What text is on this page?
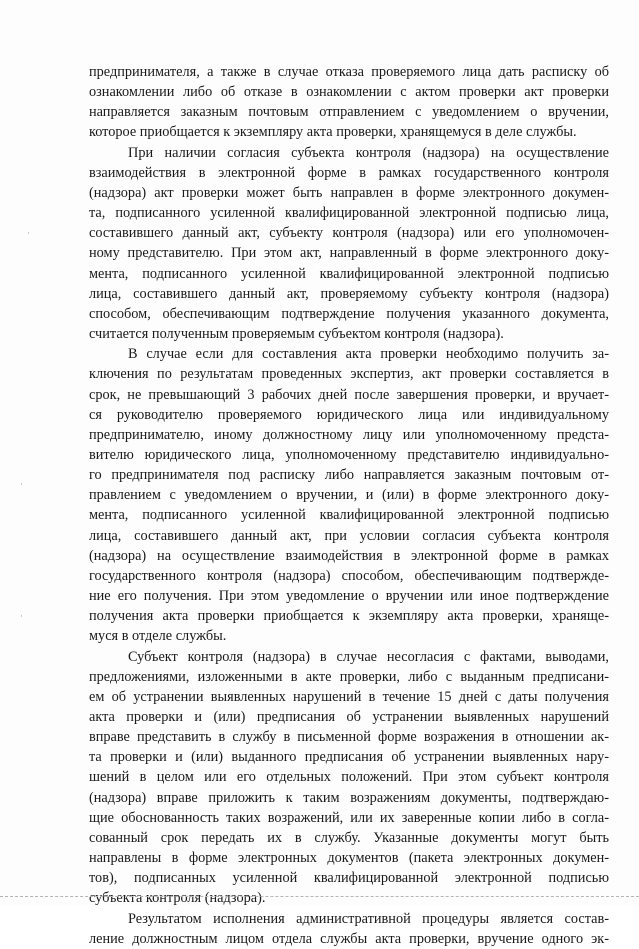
предпринимателя, а также в случае отказа проверяемого лица дать расписку об
ознакомлении либо об отказе в ознакомлении с актом проверки акт проверки
направляется заказным почтовым отправлением с уведомлением о вручении,
которое приобщается к экземпляру акта проверки, хранящемуся в деле службы.
При наличии согласия субъекта контроля (надзора) на осуществление
взаимодействия в электронной форме в рамках государственного контроля
(надзора) акт проверки может быть направлен в форме электронного докумен-
та, подписанного усиленной квалифицированной электронной подписью лица,
составившего данный акт, субъекту контроля (надзора) или его уполномочен-
ному представителю. При этом акт, направленный в форме электронного доку-
мента, подписанного усиленной квалифицированной электронной подписью
лица, составившего данный акт, проверяемому субъекту контроля (надзора)
способом, обеспечивающим подтверждение получения указанного документа,
считается полученным проверяемым субъектом контроля (надзора).
В случае если для составления акта проверки необходимо получить за-
ключения по результатам проведенных экспертиз, акт проверки составляется в
срок, не превышающий 3 рабочих дней после завершения проверки, и вручает-
ся руководителю проверяемого юридического лица или индивидуальному
предпринимателю, иному должностному лицу или уполномоченному предста-
вителю юридического лица, уполномоченному представителю индивидуально-
го предпринимателя под расписку либо направляется заказным почтовым от-
правлением с уведомлением о вручении, и (или) в форме электронного доку-
мента, подписанного усиленной квалифицированной электронной подписью
лица, составившего данный акт, при условии согласия субъекта контроля
(надзора) на осуществление взаимодействия в электронной форме в рамках
государственного контроля (надзора) способом, обеспечивающим подтвержде-
ние его получения. При этом уведомление о вручении или иное подтверждение
получения акта проверки приобщается к экземпляру акта проверки, храняще-
муся в отделе службы.
Субъект контроля (надзора) в случае несогласия с фактами, выводами,
предложениями, изложенными в акте проверки, либо с выданным предписани-
ем об устранении выявленных нарушений в течение 15 дней с даты получения
акта проверки и (или) предписания об устранении выявленных нарушений
вправе представить в службу в письменной форме возражения в отношении ак-
та проверки и (или) выданного предписания об устранении выявленных нару-
шений в целом или его отдельных положений. При этом субъект контроля
(надзора) вправе приложить к таким возражениям документы, подтверждаю-
щие обоснованность таких возражений, или их заверенные копии либо в согла-
сованный срок передать их в службу. Указанные документы могут быть
направлены в форме электронных документов (пакета электронных докумен-
тов), подписанных усиленной квалифицированной электронной подписью
субъекта контроля (надзора).
Результатом исполнения административной процедуры является состав-
ление должностным лицом отдела службы акта проверки, вручение одного эк-
·
·
·
